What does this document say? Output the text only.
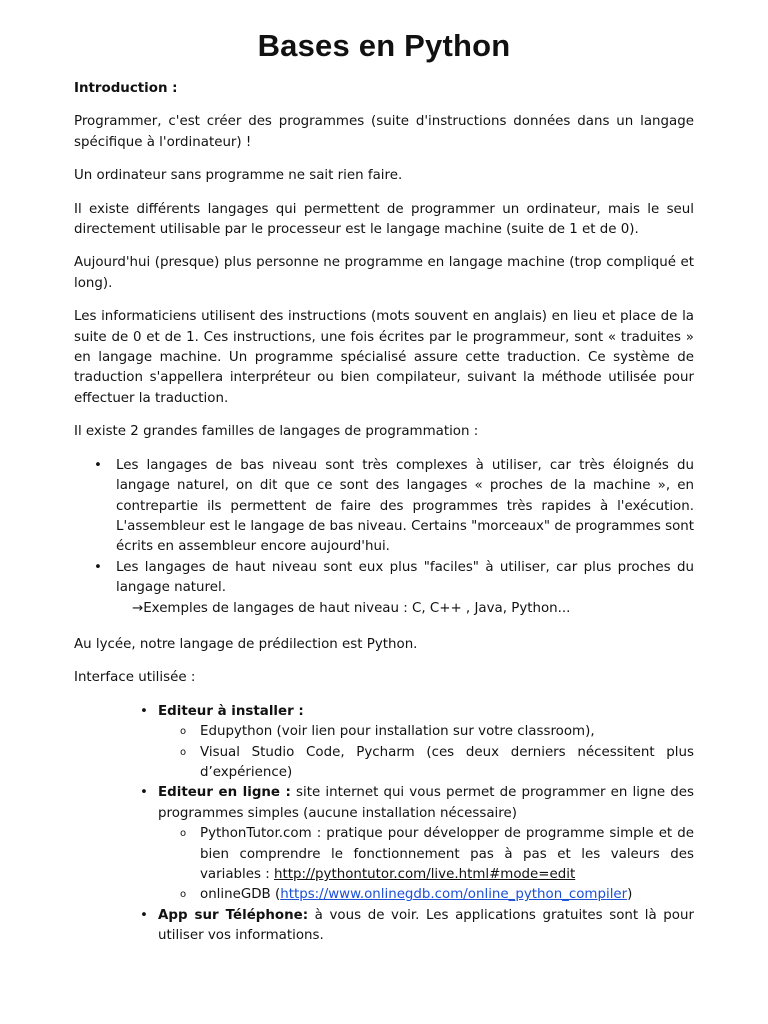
Bases en Python

Introduction :

Programmer, c'est créer des programmes (suite d'instructions données dans un langage spécifique à l'ordinateur) !

Un ordinateur sans programme ne sait rien faire.

Il existe différents langages qui permettent de programmer un ordinateur, mais le seul directement utilisable par le processeur est le langage machine (suite de 1 et de 0).

Aujourd'hui (presque) plus personne ne programme en langage machine (trop compliqué et long).

Les informaticiens utilisent des instructions (mots souvent en anglais) en lieu et place de la suite de 0 et de 1. Ces instructions, une fois écrites par le programmeur, sont « traduites » en langage machine. Un programme spécialisé assure cette traduction. Ce système de traduction s'appellera interpréteur ou bien compilateur, suivant la méthode utilisée pour effectuer la traduction.

Il existe 2 grandes familles de langages de programmation :

• Les langages de bas niveau sont très complexes à utiliser, car très éloignés du langage naturel, on dit que ce sont des langages « proches de la machine », en contrepartie ils permettent de faire des programmes très rapides à l'exécution. L'assembleur est le langage de bas niveau. Certains "morceaux" de programmes sont écrits en assembleur encore aujourd'hui.
• Les langages de haut niveau sont eux plus "faciles" à utiliser, car plus proches du langage naturel.
→Exemples de langages de haut niveau : C, C++ , Java, Python...

Au lycée, notre langage de prédilection est Python.

Interface utilisée :

• Editeur à installer :
o Edupython (voir lien pour installation sur votre classroom),
o Visual Studio Code, Pycharm (ces deux derniers nécessitent plus d’expérience)
• Editeur en ligne : site internet qui vous permet de programmer en ligne des programmes simples (aucune installation nécessaire)
o PythonTutor.com : pratique pour développer de programme simple et de bien comprendre le fonctionnement pas à pas et les valeurs des variables : http://pythontutor.com/live.html#mode=edit
o onlineGDB (https://www.onlinegdb.com/online_python_compiler)
• App sur Téléphone: à vous de voir. Les applications gratuites sont là pour utiliser vos informations.
